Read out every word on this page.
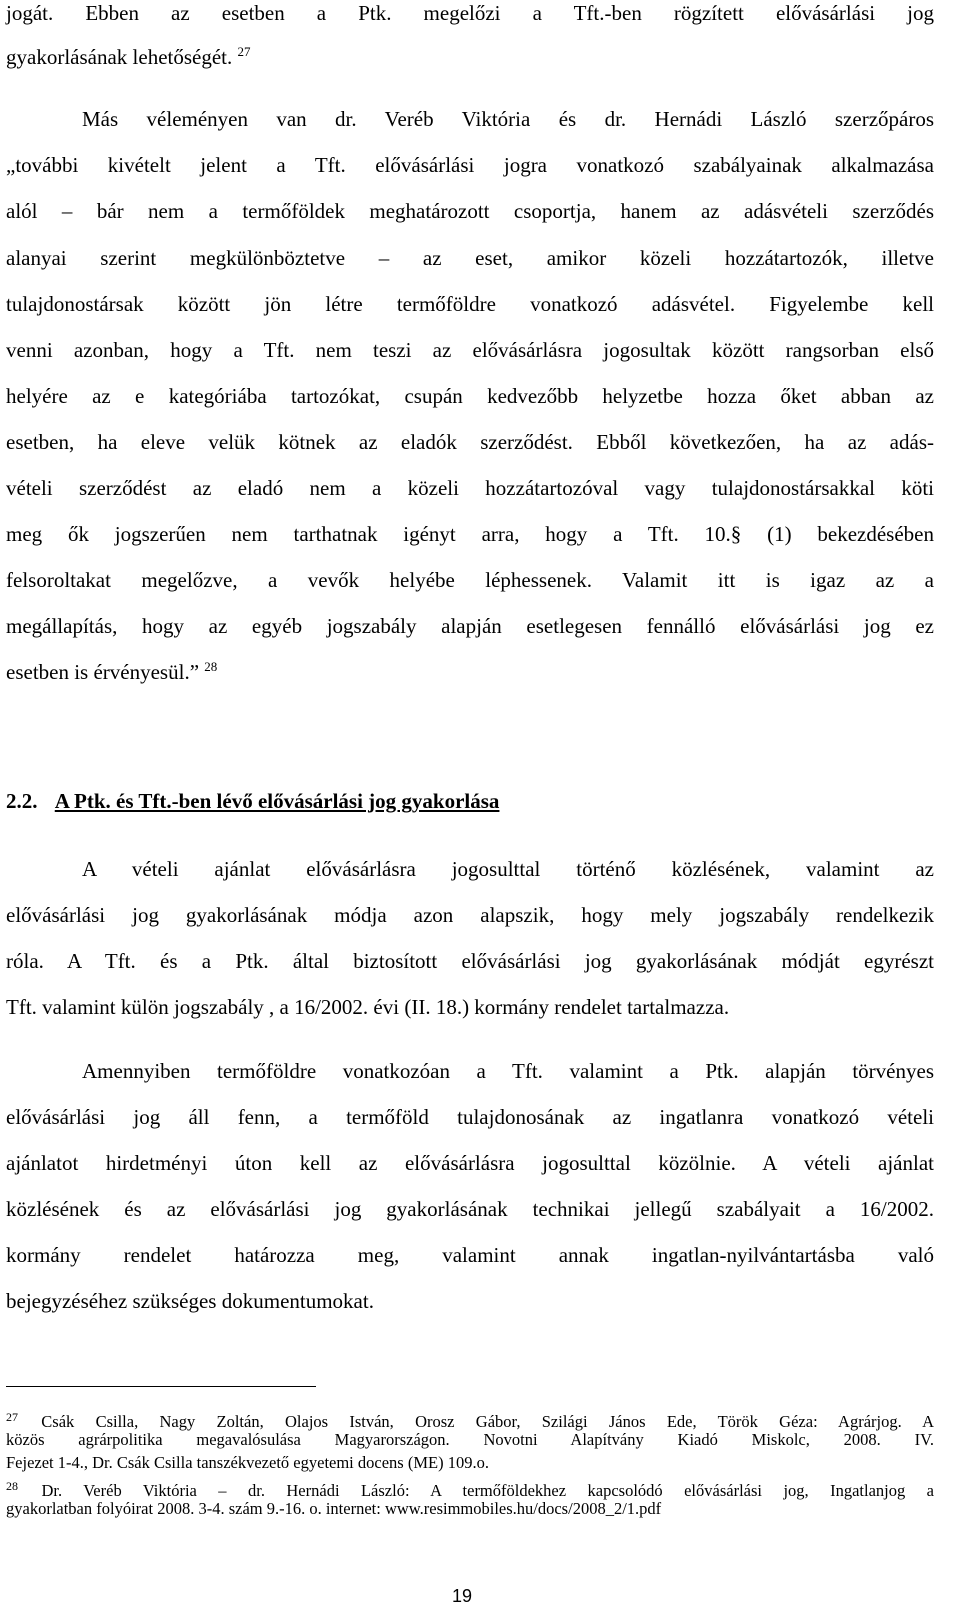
jogát. Ebben az esetben a Ptk. megelőzi a Tft.-ben rögzített elővásárlási jog
gyakorlásának lehetőségét. $^{27}$
Más véleményen van dr. Veréb Viktória és dr. Hernádi László szerzőpáros
„további kivételt jelent a Tft. elővásárlási jogra vonatkozó szabályainak alkalmazása
alól – bár nem a termőföldek meghatározott csoportja, hanem az adásvételi szerződés
alanyai szerint megkülönböztetve – az eset, amikor közeli hozzátartozók, illetve
tulajdonostársak között jön létre termőföldre vonatkozó adásvétel. Figyelembe kell
venni azonban, hogy a Tft. nem teszi az elővásárlásra jogosultak között rangsorban első
helyére az e kategóriába tartozókat, csupán kedvezőbb helyzetbe hozza őket abban az
esetben, ha eleve velük kötnek az eladók szerződést. Ebből következően, ha az adás-
vételi szerződést az eladó nem a közeli hozzátartozóval vagy tulajdonostársakkal köti
meg ők jogszerűen nem tarthatnak igényt arra, hogy a Tft. 10.§ (1) bekezdésében
felsoroltakat megelőzve, a vevők helyébe léphessenek. Valamit itt is igaz az a
megállapítás, hogy az egyéb jogszabály alapján esetlegesen fennálló elővásárlási jog ez
esetben is érvényesül.” $^{28}$
2.2. A Ptk. és Tft.-ben lévő elővásárlási jog gyakorlása
A vételi ajánlat elővásárlásra jogosulttal történő közlésének, valamint az
elővásárlási jog gyakorlásának módja azon alapszik, hogy mely jogszabály rendelkezik
róla. A Tft. és a Ptk. által biztosított elővásárlási jog gyakorlásának módját egyrészt
Tft. valamint külön jogszabály , a 16/2002. évi (II. 18.) kormány rendelet tartalmazza.
Amennyiben termőföldre vonatkozóan a Tft. valamint a Ptk. alapján törvényes
elővásárlási jog áll fenn, a termőföld tulajdonosának az ingatlanra vonatkozó vételi
ajánlatot hirdetményi úton kell az elővásárlásra jogosulttal közölnie. A vételi ajánlat
közlésének és az elővásárlási jog gyakorlásának technikai jellegű szabályait a 16/2002.
kormány rendelet határozza meg, valamint annak ingatlan-nyilvántartásba való
bejegyzéséhez szükséges dokumentumokat.
$^{27}$ Csák Csilla, Nagy Zoltán, Olajos István, Orosz Gábor, Szilági János Ede, Török Géza: Agrárjog. A
közös agrárpolitika megavalósulása Magyarországon. Novotni Alapítvány Kiadó Miskolc, 2008. IV.
Fejezet 1-4., Dr. Csák Csilla tanszékvezető egyetemi docens (ME) 109.o.
$^{28}$ Dr. Veréb Viktória – dr. Hernádi László: A termőföldekhez kapcsolódó elővásárlási jog, Ingatlanjog a
gyakorlatban folyóirat 2008. 3-4. szám 9.-16. o. internet: www.resimmobiles.hu/docs/2008_2/1.pdf
19
